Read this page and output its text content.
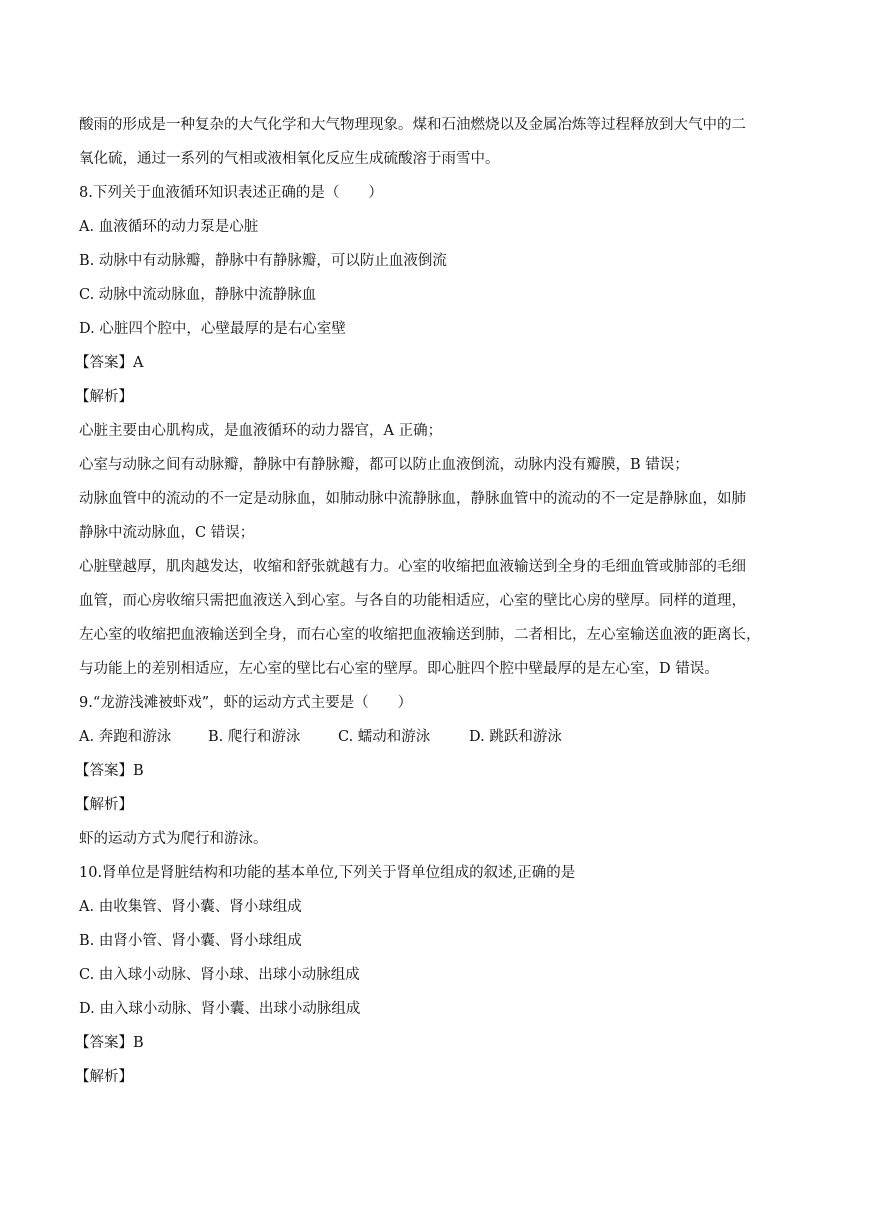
酸雨的形成是一种复杂的大气化学和大气物理现象。煤和石油燃烧以及金属冶炼等过程释放到大气中的二
氧化硫，通过一系列的气相或液相氧化反应生成硫酸溶于雨雪中。
8.下列关于血液循环知识表述正确的是（　　）
A. 血液循环的动力泵是心脏
B. 动脉中有动脉瓣，静脉中有静脉瓣，可以防止血液倒流
C. 动脉中流动脉血，静脉中流静脉血
D. 心脏四个腔中，心壁最厚的是右心室壁
【答案】A
【解析】
心脏主要由心肌构成，是血液循环的动力器官，A 正确；
心室与动脉之间有动脉瓣，静脉中有静脉瓣，都可以防止血液倒流，动脉内没有瓣膜，B 错误；
动脉血管中的流动的不一定是动脉血，如肺动脉中流静脉血，静脉血管中的流动的不一定是静脉血，如肺
静脉中流动脉血，C 错误；
心脏壁越厚，肌肉越发达，收缩和舒张就越有力。心室的收缩把血液输送到全身的毛细血管或肺部的毛细
血管，而心房收缩只需把血液送入到心室。与各自的功能相适应，心室的壁比心房的壁厚。同样的道理，
左心室的收缩把血液输送到全身，而右心室的收缩把血液输送到肺，二者相比，左心室输送血液的距离长，
与功能上的差别相适应，左心室的壁比右心室的壁厚。即心脏四个腔中壁最厚的是左心室，D 错误。
9.“龙游浅滩被虾戏”，虾的运动方式主要是（　　）
A. 奔跑和游泳	B. 爬行和游泳	C. 蠕动和游泳	D. 跳跃和游泳
【答案】B
【解析】
虾的运动方式为爬行和游泳。
10.肾单位是肾脏结构和功能的基本单位,下列关于肾单位组成的叙述,正确的是
A. 由收集管、肾小囊、肾小球组成
B. 由肾小管、肾小囊、肾小球组成
C. 由入球小动脉、肾小球、出球小动脉组成
D. 由入球小动脉、肾小囊、出球小动脉组成
【答案】B
【解析】
